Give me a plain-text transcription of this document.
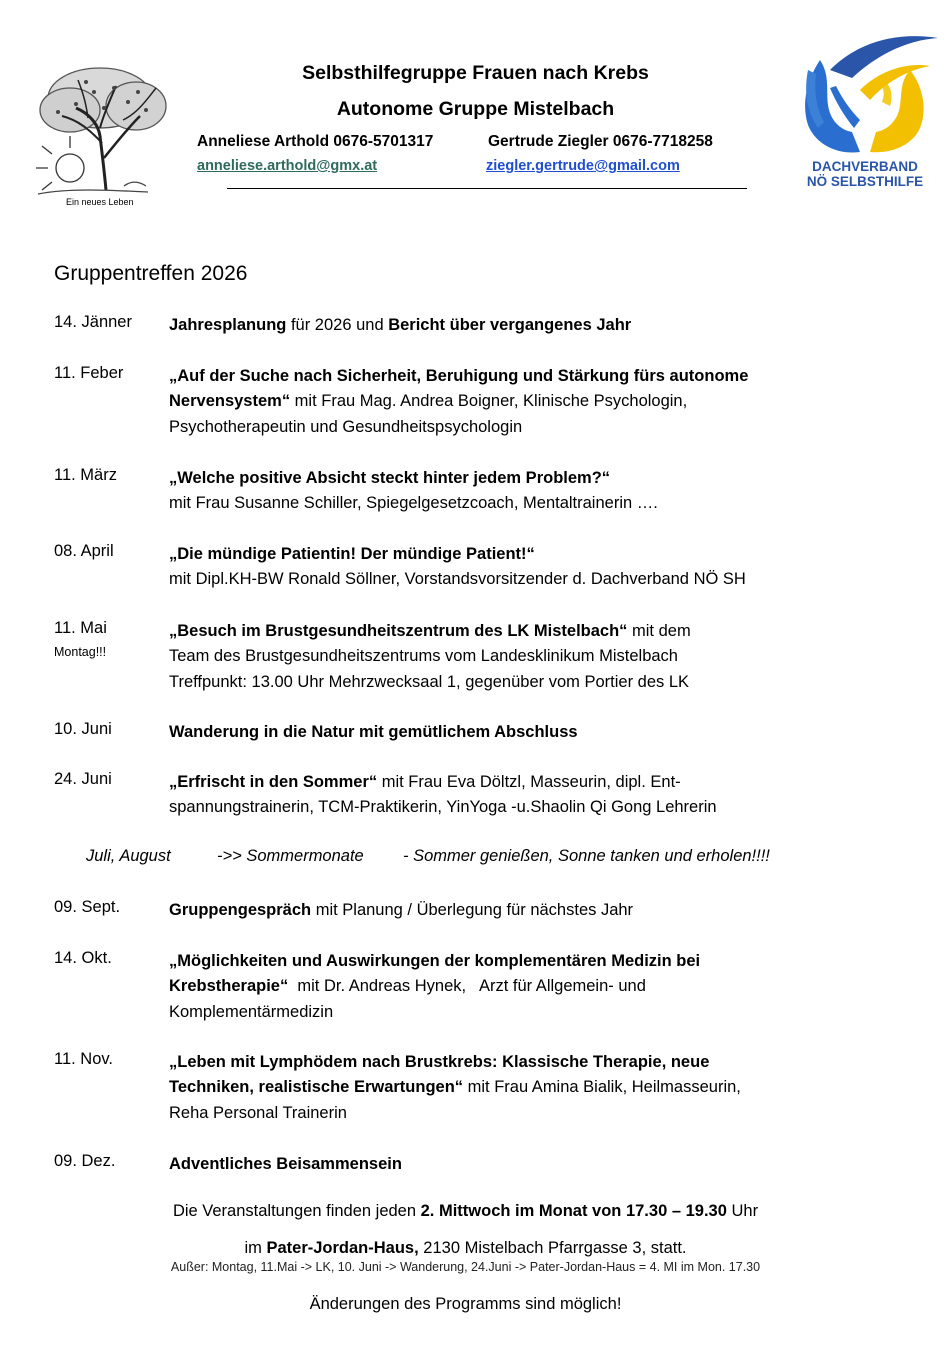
Ein neues Leben
Selbsthilfegruppe Frauen nach Krebs
Autonome Gruppe Mistelbach
Anneliese Arthold 0676-5701317	Gertrude Ziegler 0676-7718258
anneliese.arthold@gmx.at	ziegler.gertrude@gmail.com	DACHVERBAND
NÖ SELBSTHILFE
Gruppentreffen 2026
14. Jänner Jahresplanung für 2026 und Bericht über vergangenes Jahr
11. Feber	„Auf der Suche nach Sicherheit, Beruhigung und Stärkung fürs autonome
Nervensystem“ mit Frau Mag. Andrea Boigner, Klinische Psychologin,
Psychotherapeutin und Gesundheitspsychologin
11. März	„Welche positive Absicht steckt hinter jedem Problem?“
mit Frau Susanne Schiller, Spiegelgesetzcoach, Mentaltrainerin ….
08. April	„Die mündige Patientin! Der mündige Patient!“
mit Dipl.KH-BW Ronald Söllner, Vorstandsvorsitzender d. Dachverband NÖ SH
11. Mai
Montag!!!
„Besuch im Brustgesundheitszentrum des LK Mistelbach“ mit dem
Team des Brustgesundheitszentrums vom Landesklinikum Mistelbach
Treffpunkt: 13.00 Uhr Mehrzwecksaal 1, gegenüber vom Portier des LK
10. Juni	Wanderung in die Natur mit gemütlichem Abschluss
24. Juni	„Erfrischt in den Sommer“ mit Frau Eva Döltzl, Masseurin, dipl. Ent-
spannungstrainerin, TCM-Praktikerin, YinYoga -u.Shaolin Qi Gong Lehrerin
09. Sept.	Gruppengespräch mit Planung / Überlegung für nächstes Jahr
14. Okt.	„Möglichkeiten und Auswirkungen der komplementären Medizin bei
Krebstherapie“  mit Dr. Andreas Hynek,   Arzt für Allgemein- und
Komplementärmedizin
11. Nov.	„Leben mit Lymphödem nach Brustkrebs: Klassische Therapie, neue
Techniken, realistische Erwartungen“ mit Frau Amina Bialik, Heilmasseurin,
Reha Personal Trainerin
09. Dez.	Adventliches Beisammensein
Juli, August	->> Sommermonate - Sommer genießen, Sonne tanken und erholen!!!!
Die Veranstaltungen finden jeden 2. Mittwoch im Monat von 17.30 – 19.30 Uhr
im Pater-Jordan-Haus, 2130 Mistelbach Pfarrgasse 3, statt.
Außer: Montag, 11.Mai -> LK, 10. Juni -> Wanderung, 24.Juni -> Pater-Jordan-Haus = 4. MI im Mon. 17.30
Änderungen des Programms sind möglich!
